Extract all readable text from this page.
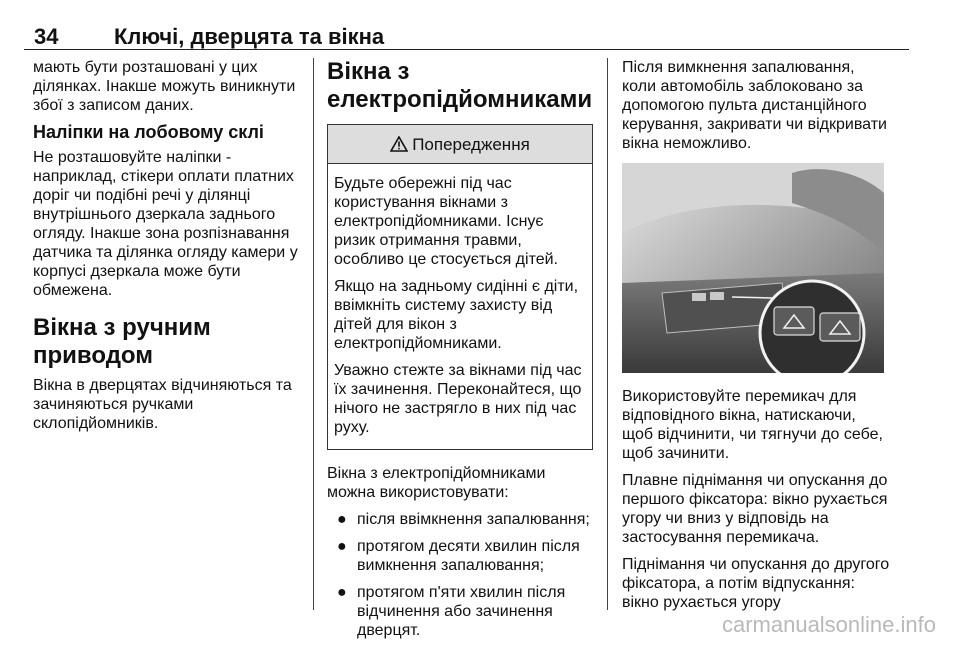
34	Ключі, дверцята та вікна

мають бути розташовані у цих ділянках. Інакше можуть виникнути збої з записом даних.

Наліпки на лобовому склі

Не розташовуйте наліпки - наприклад, стікери оплати платних доріг чи подібні речі у ділянці внутрішнього дзеркала заднього огляду. Інакше зона розпізнавання датчика та ділянка огляду камери у корпусі дзеркала може бути обмежена.

Вікна з ручним приводом

Вікна в дверцятах відчиняються та зачиняються ручками склопідйомників.

Вікна з електропідйомниками
Попередження

Будьте обережні під час користування вікнами з електропідйомниками. Існує ризик отримання травми, особливо це стосується дітей.

Якщо на задньому сидінні є діти, ввімкніть систему захисту від дітей для вікон з електропідйомниками.

Уважно стежте за вікнами під час їх зачинення. Переконайтеся, що нічого не застрягло в них під час руху.

Вікна з електропідйомниками можна використовувати:

● після ввімкнення запалювання;
● протягом десяти хвилин після вимкнення запалювання;
● протягом п'яти хвилин після відчинення або зачинення дверцят.

Після вимкнення запалювання, коли автомобіль заблоковано за допомогою пульта дистанційного керування, закривати чи відкривати вікна неможливо.

Використовуйте перемикач для відповідного вікна, натискаючи, щоб відчинити, чи тягнучи до себе, щоб зачинити.

Плавне піднімання чи опускання до першого фіксатора: вікно рухається угору чи вниз у відповідь на застосування перемикача.

Піднімання чи опускання до другого фіксатора, а потім відпускання: вікно рухається угору

carmanualsonline.info
